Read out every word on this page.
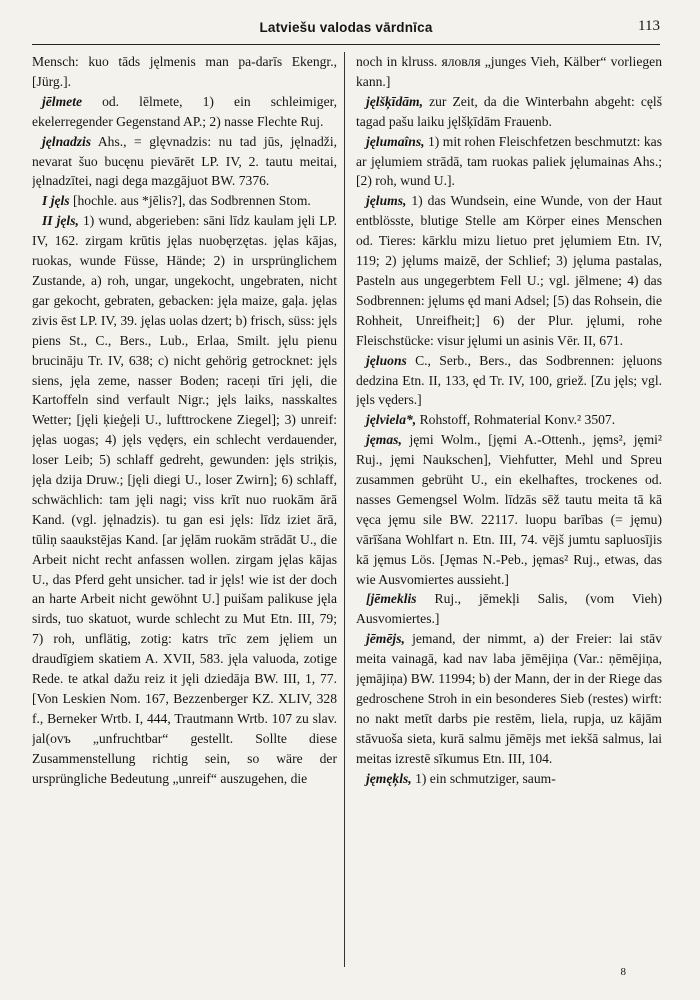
Latviešu valodas vārdnīca	113

Mensch: kuo tāds jęlmenis man pa-darīs Ekengr., [Jürg.].

jēlmete od. lēlmete, 1) ein schleimiger, ekelerregender Gegenstand AP.; 2) nasse Flechte Ruj.

jęlnadzis Ahs., = glęvnadzis: nu tad jūs, jęlnadži, nevarat šuo bucęnu pievārēt LP. IV, 2. tautu meitai, jęlnadzītei, nagi dega mazgājuot BW. 7376.

I jęls [hochle. aus *jēlis?], das Sodbrennen Stom.

II jęls, 1) wund, abgerieben: sāni līdz kaulam jęli LP. IV, 162. zirgam krūtis jęlas nuobęrzętas. jęlas kājas, ruokas, wunde Füsse, Hände; 2) in ursprünglichem Zustande, a) roh, ungar, ungekocht, ungebraten, nicht gar gekocht, gebraten, gebacken: jęla maize, gaļa. jęlas zivis ēst LP. IV, 39. jęlas uolas dzert; b) frisch, süss: jęls piens St., C., Bers., Lub., Erlaa, Smilt. jęlu pienu brucināju Tr. IV, 638; c) nicht gehörig getrocknet: jęls siens, jęla zeme, nasser Boden; raceņi tīri jęli, die Kartoffeln sind verfault Nigr.; jęls laiks, nasskaltes Wetter; [jęli ķieģeļi U., lufttrockene Ziegel]; 3) unreif: jęlas uogas; 4) jęls vędęrs, ein schlecht verdauender, loser Leib; 5) schlaff gedreht, gewunden: jęls striķis, jęla dzija Druw.; [jęli diegi U., loser Zwirn]; 6) schlaff, schwächlich: tam jęli nagi; viss krīt nuo ruokām ārā Kand. (vgl. jęlnadzis). tu gan esi jęls: līdz iziet ārā, tūliņ saaukstējas Kand. [ar jęlām ruokām strādāt U., die Arbeit nicht recht anfassen wollen. zirgam jęlas kājas U., das Pferd geht unsicher. tad ir jęls! wie ist der doch an harte Arbeit nicht gewöhnt U.] puišam palikuse jęla sirds, tuo skatuot, wurde schlecht zu Mut Etn. III, 79; 7) roh, unflätig, zotig: katrs trīc zem jęliem un draudīgiem skatiem A. XVII, 583. jęla valuoda, zotige Rede. te atkal dažu reiz it jęli dziedāja BW. III, 1, 77. [Von Leskien Nom. 167, Bezzenberger KZ. XLIV, 328 f., Berneker Wrtb. I, 444, Trautmann Wrtb. 107 zu slav. jal(ovъ „unfruchtbar“ gestellt. Sollte diese Zusammenstellung richtig sein, so wäre der ursprüngliche Bedeutung „unreif“ auszugehen, die

noch in klruss. яловля „junges Vieh, Kälber“ vorliegen kann.]

jęlšķīdām, zur Zeit, da die Winterbahn abgeht: cęlš tagad pašu laiku jęlšķīdām Frauenb.

jęlumaîns, 1) mit rohen Fleischfetzen beschmutzt: kas ar jęlumiem strādā, tam ruokas paliek jęlumainas Ahs.; [2) roh, wund U.].

jęlums, 1) das Wundsein, eine Wunde, von der Haut entblösste, blutige Stelle am Körper eines Menschen od. Tieres: kārklu mizu lietuo pret jęlumiem Etn. IV, 119; 2) jęlums maizē, der Schlief; 3) jęluma pastalas, Pasteln aus ungegerbtem Fell U.; vgl. jēlmene; 4) das Sodbrennen: jęlums ęd mani Adsel; [5) das Rohsein, die Rohheit, Unreifheit;] 6) der Plur. jęlumi, rohe Fleischstücke: visur jęlumi un asinis Vēr. II, 671.

jęluons C., Serb., Bers., das Sodbrennen: jęluons dedzina Etn. II, 133, ęd Tr. IV, 100, griež. [Zu jęls; vgl. jęls vęders.]

jęlviela*, Rohstoff, Rohmaterial Konv.² 3507.

jęmas, jęmi Wolm., [jęmi A.-Ottenh., jęms², jęmi² Ruj., jęmi Naukschen], Viehfutter, Mehl und Spreu zusammen gebrüht U., ein ekelhaftes, trockenes od. nasses Gemengsel Wolm. līdzās sēž tautu meita tā kā vęca jęmu sile BW. 22117. luopu barības (= jęmu) vārīšana Wohlfart n. Etn. III, 74. vējš jumtu sapluosījis kā jęmus Lös. [Jęmas N.-Peb., jęmas² Ruj., etwas, das wie Ausvomiertes aussieht.]

[jēmeklis Ruj., jēmekļi Salis, (vom Vieh) Ausvomiertes.]

jēmējs, jemand, der nimmt, a) der Freier: lai stāv meita vainagā, kad nav laba jēmējiņa (Var.: ņēmējiņa, jęmājiņa) BW. 11994; b) der Mann, der in der Riege das gedroschene Stroh in ein besonderes Sieb (restes) wirft: no nakt metīt darbs pie restēm, liela, rupja, uz kājām stāvuoša sieta, kurā salmu jēmējs met iekšā salmus, lai meitas izrestē sīkumus Etn. III, 104.

jęmęķls, 1) ein schmutziger, saum-

8
